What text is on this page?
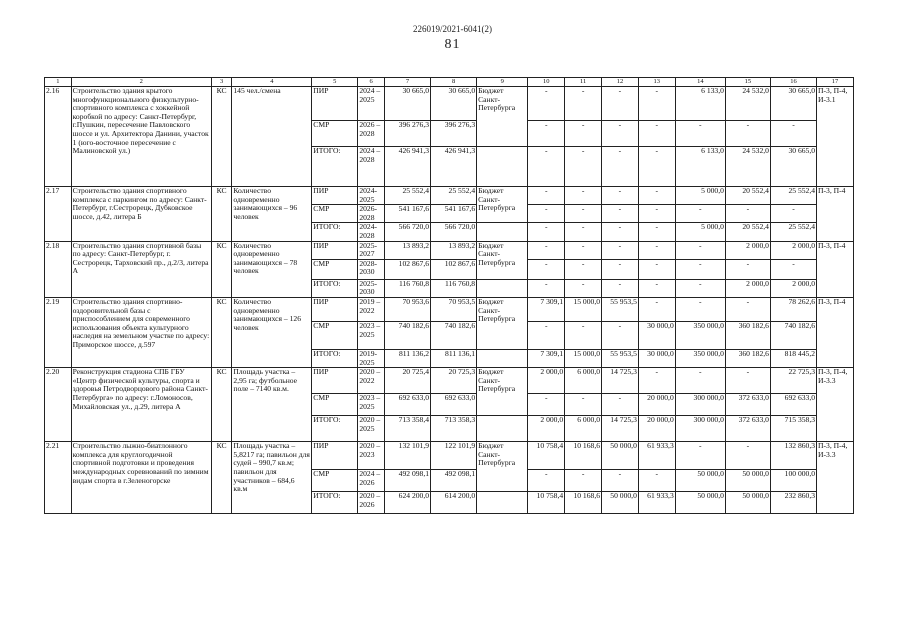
226019/2021-6041(2)
81
1	2	3	4	5	6	7	8	9	10	11	12	13	14	15	16	17
2.16	Строительство здания крытого многофункционального физкультурно-спортивного комплекса с хоккейной коробкой по адресу: Санкт-Петербург, г.Пушкин, пересечение Павловского шоссе и ул. Архитектора Данини, участок 1 (юго-восточное пересечение с Малиновской ул.)	КС	145 чел./смена	ПИР	2024 – 2025	30 665,0	30 665,0	Бюджет Санкт-Петербурга	-	-	-	-	6 133,0	24 532,0	30 665,0	П-3, П-4, И-3.1
				СМР	2026 – 2028	396 276,3	396 276,3		-	-	-	-	-	-	-	
				ИТОГО:	2024 – 2028	426 941,3	426 941,3		-	-	-	-	6 133,0	24 532,0	30 665,0	
2.17	Строительство здания спортивного комплекса с паркингом по адресу: Санкт-Петербург, г.Сестрорецк, Дубковское шоссе, д.42, литера Б	КС	Количество одновременно занимающихся – 96 человек	ПИР	2024-2025	25 552,4	25 552,4	Бюджет Санкт-Петербурга	-	-	-	-	5 000,0	20 552,4	25 552,4	П-3, П-4
				СМР	2026-2028	541 167,6	541 167,6		-	-	-	-	-	-	-	
				ИТОГО:	2024-2028	566 720,0	566 720,0		-	-	-	-	5 000,0	20 552,4	25 552,4	
2.18	Строительство здания спортивной базы по адресу: Санкт-Петербург, г. Сестрорецк, Тарховский пр., д.2/3, литера А	КС	Количество одновременно занимающихся – 78 человек	ПИР	2025-2027	13 893,2	13 893,2	Бюджет Санкт-Петербурга	-	-	-	-	-	2 000,0	2 000,0	П-3, П-4
				СМР	2028-2030	102 867,6	102 867,6		-	-	-	-	-	-	-	
				ИТОГО:	2025-2030	116 760,8	116 760,8		-	-	-	-	-	2 000,0	2 000,0	
2.19	Строительство здания спортивно-оздоровительной базы с приспособлением для современного использования объекта культурного наследия на земельном участке по адресу: Приморское шоссе, д.597	КС	Количество одновременно занимающихся – 126 человек	ПИР	2019 – 2022	70 953,6	70 953,5	Бюджет Санкт-Петербурга	7 309,1	15 000,0	55 953,5	-	-	-	78 262,6	П-3, П-4
				СМР	2023 – 2025	740 182,6	740 182,6		-	-	-	30 000,0	350 000,0	360 182,6	740 182,6	
				ИТОГО:	2019-2025	811 136,2	811 136,1		7 309,1	15 000,0	55 953,5	30 000,0	350 000,0	360 182,6	818 445,2	
2.20	Реконструкция стадиона СПБ ГБУ «Центр физической культуры, спорта и здоровья Петродворцового района Санкт-Петербурга» по адресу: г.Ломоносов, Михайловская ул., д.29, литера А	КС	Площадь участка – 2,95 га; футбольное поле – 7140 кв.м.	ПИР	2020 – 2022	20 725,4	20 725,3	Бюджет Санкт-Петербурга	2 000,0	6 000,0	14 725,3	-	-	-	22 725,3	П-3, П-4, И-3.3
				СМР	2023 – 2025	692 633,0	692 633,0		-	-	-	20 000,0	300 000,0	372 633,0	692 633,0	
				ИТОГО:	2020 – 2025	713 358,4	713 358,3		2 000,0	6 000,0	14 725,3	20 000,0	300 000,0	372 633,0	715 358,3	
2.21	Строительство лыжно-биатлонного комплекса для круглогодичной спортивной подготовки и проведения международных соревнований по зимним видам спорта в г.Зеленогорске	КС	Площадь участка – 5,8217 га; павильон для судей – 990,7 кв.м; павильон для участников – 684,6 кв.м	ПИР	2020 – 2023	132 101,9	122 101,9	Бюджет Санкт-Петербурга	10 758,4	10 168,6	50 000,0	61 933,3	-	-	132 860,3	П-3, П-4, И-3.3
				СМР	2024 – 2026	492 098,1	492 098,1		-	-	-	-	50 000,0	50 000,0	100 000,0	
				ИТОГО:	2020 – 2026	624 200,0	614 200,0		10 758,4	10 168,6	50 000,0	61 933,3	50 000,0	50 000,0	232 860,3	
